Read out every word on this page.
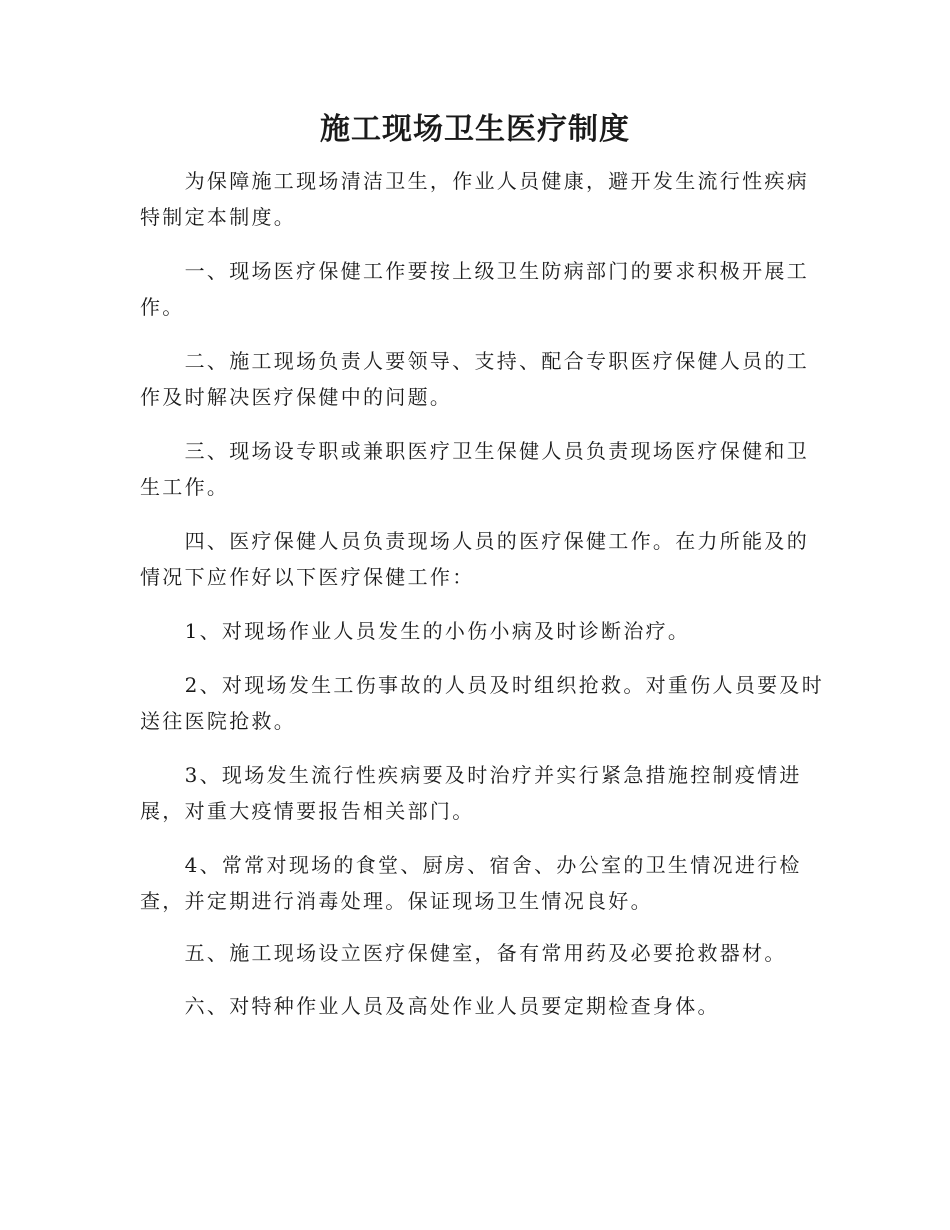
施工现场卫生医疗制度
　　为保障施工现场清洁卫生，作业人员健康，避开发生流行性疾病
特制定本制度。
　　一、现场医疗保健工作要按上级卫生防病部门的要求积极开展工
作。
　　二、施工现场负责人要领导、支持、配合专职医疗保健人员的工
作及时解决医疗保健中的问题。
　　三、现场设专职或兼职医疗卫生保健人员负责现场医疗保健和卫
生工作。
　　四、医疗保健人员负责现场人员的医疗保健工作。在力所能及的
情况下应作好以下医疗保健工作：
　　1、对现场作业人员发生的小伤小病及时诊断治疗。
　　2、对现场发生工伤事故的人员及时组织抢救。对重伤人员要及时
送往医院抢救。
　　3、现场发生流行性疾病要及时治疗并实行紧急措施控制疫情进
展，对重大疫情要报告相关部门。
　　4、常常对现场的食堂、厨房、宿舍、办公室的卫生情况进行检
查，并定期进行消毒处理。保证现场卫生情况良好。
　　五、施工现场设立医疗保健室，备有常用药及必要抢救器材。
　　六、对特种作业人员及高处作业人员要定期检查身体。
